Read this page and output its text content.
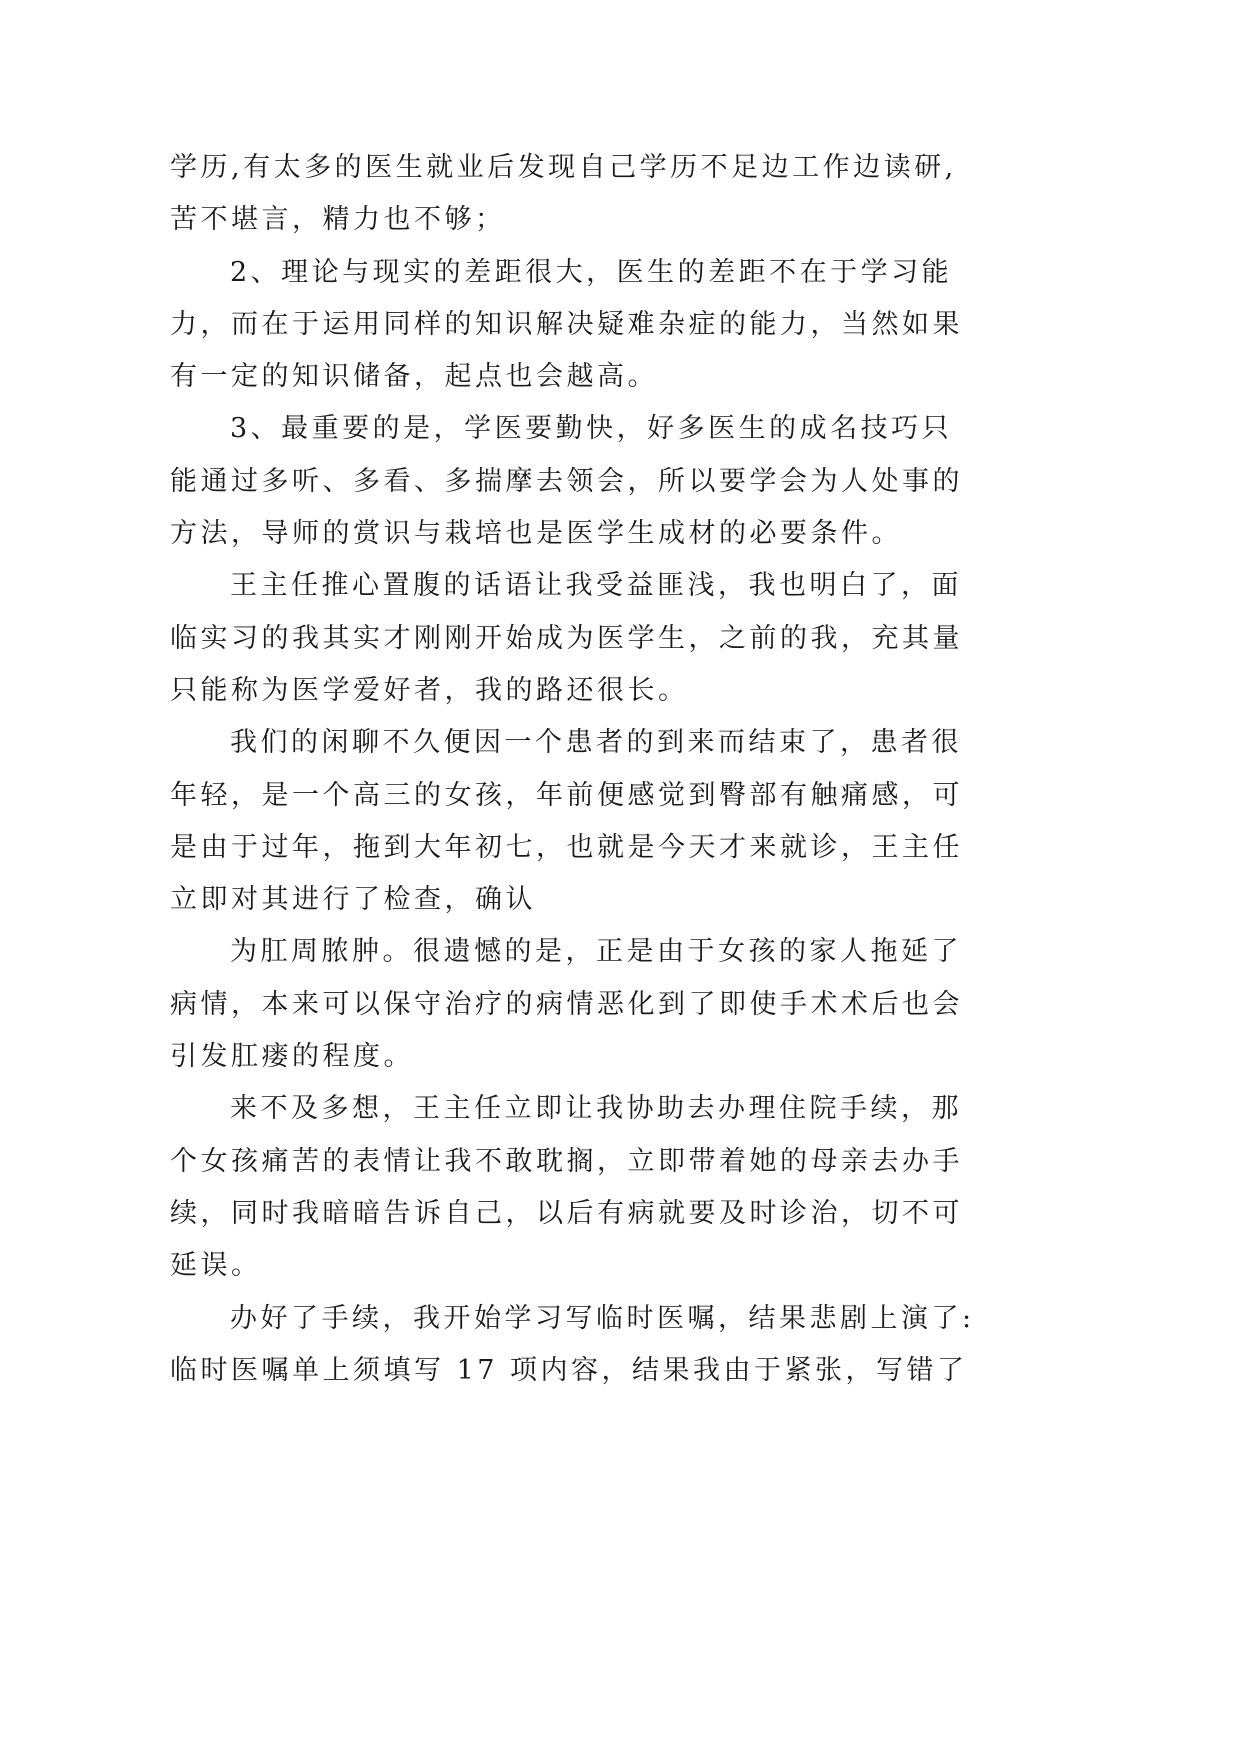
学历,有太多的医生就业后发现自己学历不足边工作边读研,
苦不堪言，精力也不够；
2、理论与现实的差距很大，医生的差距不在于学习能
力，而在于运用同样的知识解决疑难杂症的能力，当然如果
有一定的知识储备，起点也会越高。
3、最重要的是，学医要勤快，好多医生的成名技巧只
能通过多听、多看、多揣摩去领会，所以要学会为人处事的
方法，导师的赏识与栽培也是医学生成材的必要条件。
王主任推心置腹的话语让我受益匪浅，我也明白了，面
临实习的我其实才刚刚开始成为医学生，之前的我，充其量
只能称为医学爱好者，我的路还很长。
我们的闲聊不久便因一个患者的到来而结束了，患者很
年轻，是一个高三的女孩，年前便感觉到臀部有触痛感，可
是由于过年，拖到大年初七，也就是今天才来就诊，王主任
立即对其进行了检查，确认
为肛周脓肿。很遗憾的是，正是由于女孩的家人拖延了
病情，本来可以保守治疗的病情恶化到了即使手术术后也会
引发肛瘘的程度。
来不及多想，王主任立即让我协助去办理住院手续，那
个女孩痛苦的表情让我不敢耽搁，立即带着她的母亲去办手
续，同时我暗暗告诉自己，以后有病就要及时诊治，切不可
延误。
办好了手续，我开始学习写临时医嘱，结果悲剧上演了:
临时医嘱单上须填写 17 项内容，结果我由于紧张，写错了
